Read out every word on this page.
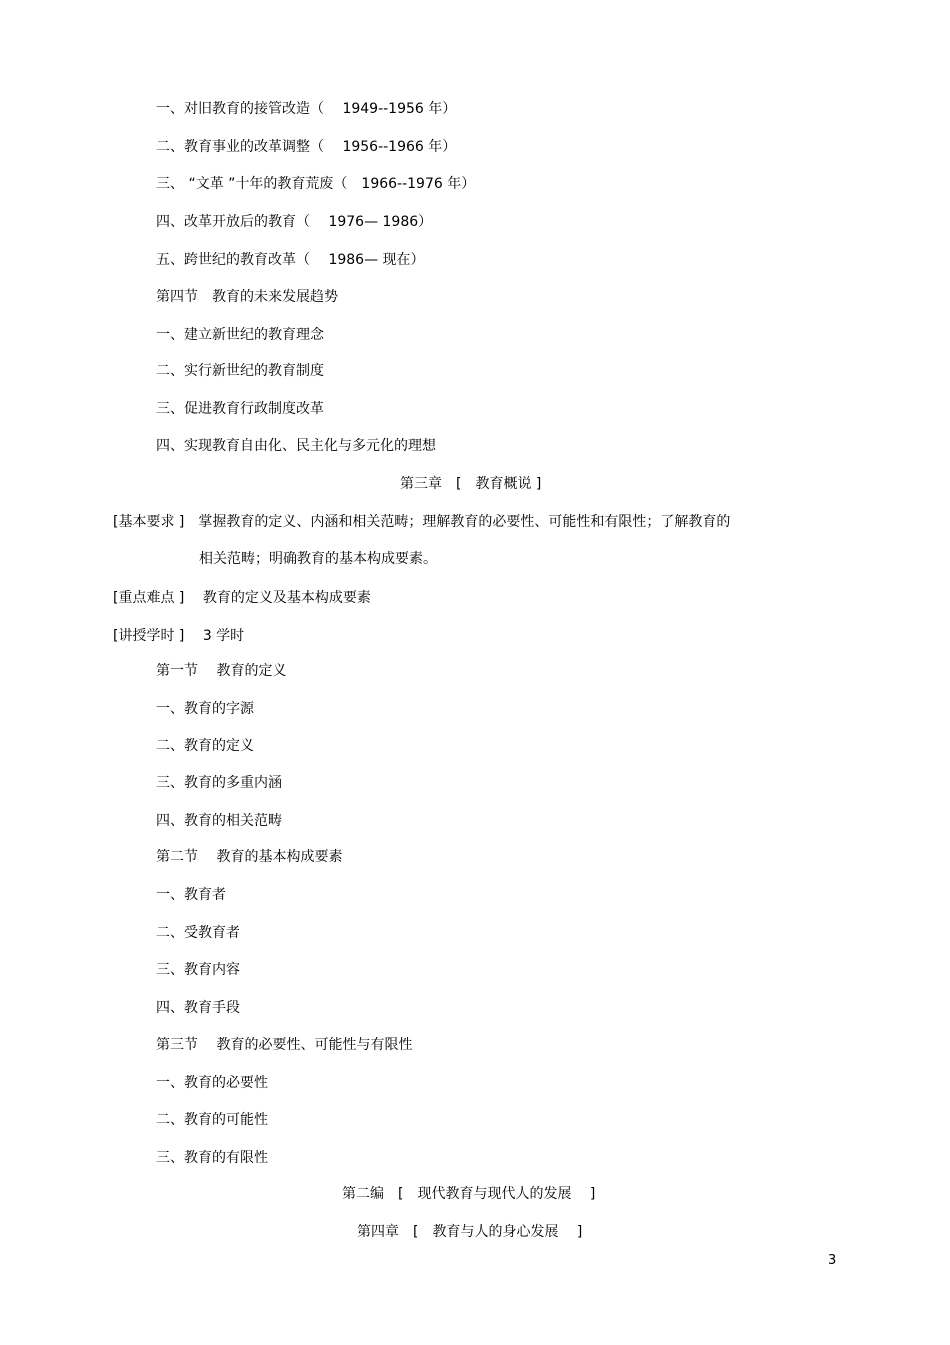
一、对旧教育的接管改造（　 1949--1956 年）
二、教育事业的改革调整（　 1956--1966 年）
三、 “文革 ”十年的教育荒废（　1966--1976 年）
四、改革开放后的教育（　 1976— 1986）
五、跨世纪的教育改革（　 1986— 现在）
第四节　教育的未来发展趋势
一、建立新世纪的教育理念
二、实行新世纪的教育制度
三、促进教育行政制度改革
四、实现教育自由化、民主化与多元化的理想
第三章　[　教育概说 ]
[基本要求 ]　掌握教育的定义、内涵和相关范畴；理解教育的必要性、可能性和有限性；了解教育的
相关范畴；明确教育的基本构成要素。
[重点难点 ]　 教育的定义及基本构成要素
[讲授学时 ]　 3 学时
第一节　 教育的定义
一、教育的字源
二、教育的定义
三、教育的多重内涵
四、教育的相关范畴
第二节　 教育的基本构成要素
一、教育者
二、受教育者
三、教育内容
四、教育手段
第三节　 教育的必要性、可能性与有限性
一、教育的必要性
二、教育的可能性
三、教育的有限性
第二编　[　现代教育与现代人的发展　 ]
第四章　[　教育与人的身心发展　 ]
3
